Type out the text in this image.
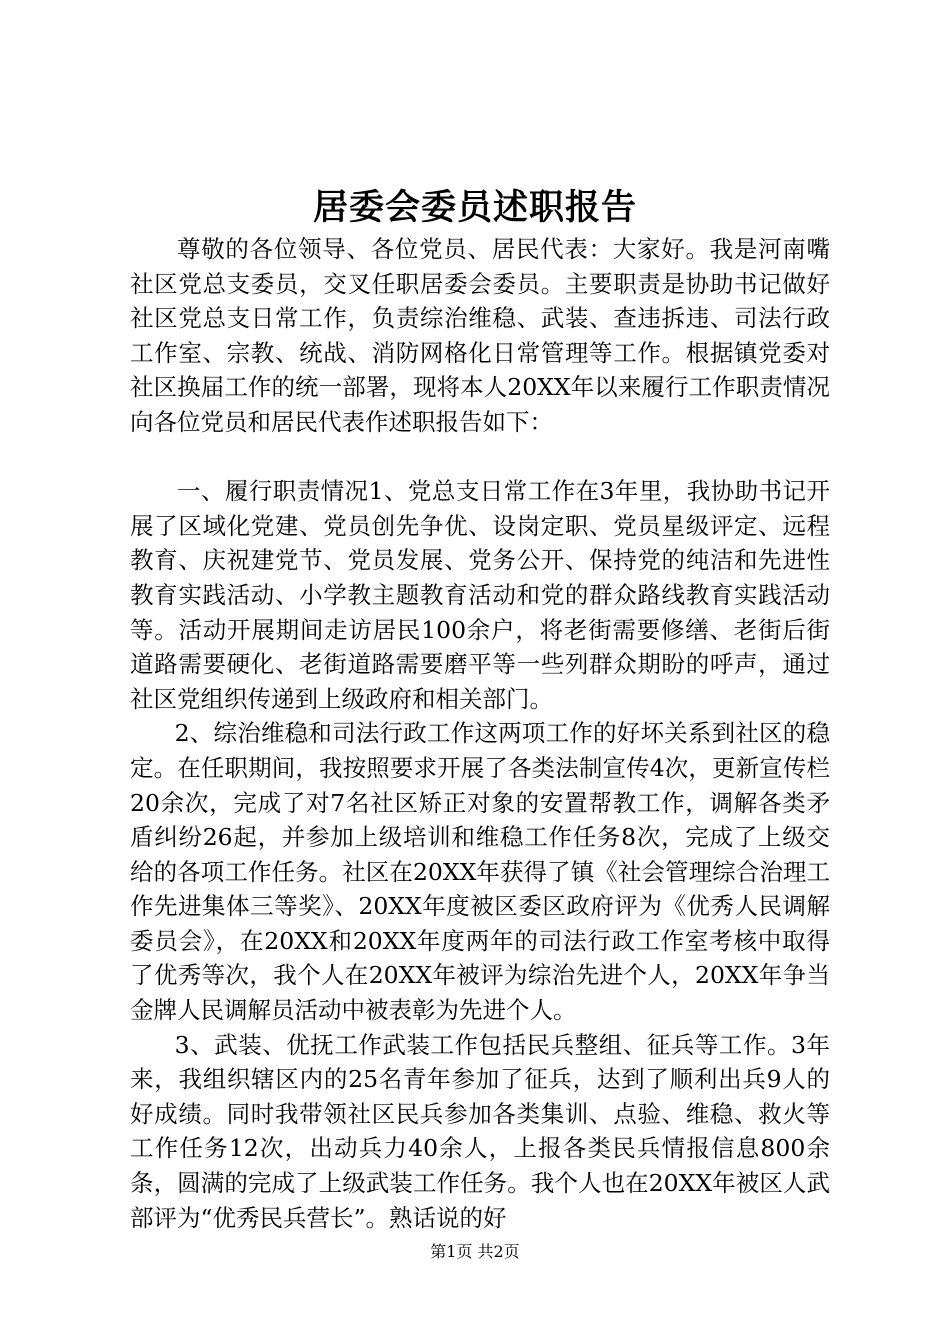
居委会委员述职报告

尊敬的各位领导、各位党员、居民代表：大家好。我是河南嘴社区党总支委员，交叉任职居委会委员。主要职责是协助书记做好社区党总支日常工作，负责综治维稳、武装、查违拆违、司法行政工作室、宗教、统战、消防网格化日常管理等工作。根据镇党委对社区换届工作的统一部署，现将本人20XX年以来履行工作职责情况向各位党员和居民代表作述职报告如下：

一、履行职责情况1、党总支日常工作在3年里，我协助书记开展了区域化党建、党员创先争优、设岗定职、党员星级评定、远程教育、庆祝建党节、党员发展、党务公开、保持党的纯洁和先进性教育实践活动、小学教主题教育活动和党的群众路线教育实践活动等。活动开展期间走访居民100余户，将老街需要修缮、老街后街道路需要硬化、老街道路需要磨平等一些列群众期盼的呼声，通过社区党组织传递到上级政府和相关部门。

2、综治维稳和司法行政工作这两项工作的好坏关系到社区的稳定。在任职期间，我按照要求开展了各类法制宣传4次，更新宣传栏20余次，完成了对7名社区矫正对象的安置帮教工作，调解各类矛盾纠纷26起，并参加上级培训和维稳工作任务8次，完成了上级交给的各项工作任务。社区在20XX年获得了镇《社会管理综合治理工作先进集体三等奖》、20XX年度被区委区政府评为《优秀人民调解委员会》，在20XX和20XX年度两年的司法行政工作室考核中取得了优秀等次，我个人在20XX年被评为综治先进个人，20XX年争当金牌人民调解员活动中被表彰为先进个人。

3、武装、优抚工作武装工作包括民兵整组、征兵等工作。3年来，我组织辖区内的25名青年参加了征兵，达到了顺利出兵9人的好成绩。同时我带领社区民兵参加各类集训、点验、维稳、救火等工作任务12次，出动兵力40余人，上报各类民兵情报信息800余条，圆满的完成了上级武装工作任务。我个人也在20XX年被区人武部评为“优秀民兵营长”。熟话说的好

第1页 共2页
